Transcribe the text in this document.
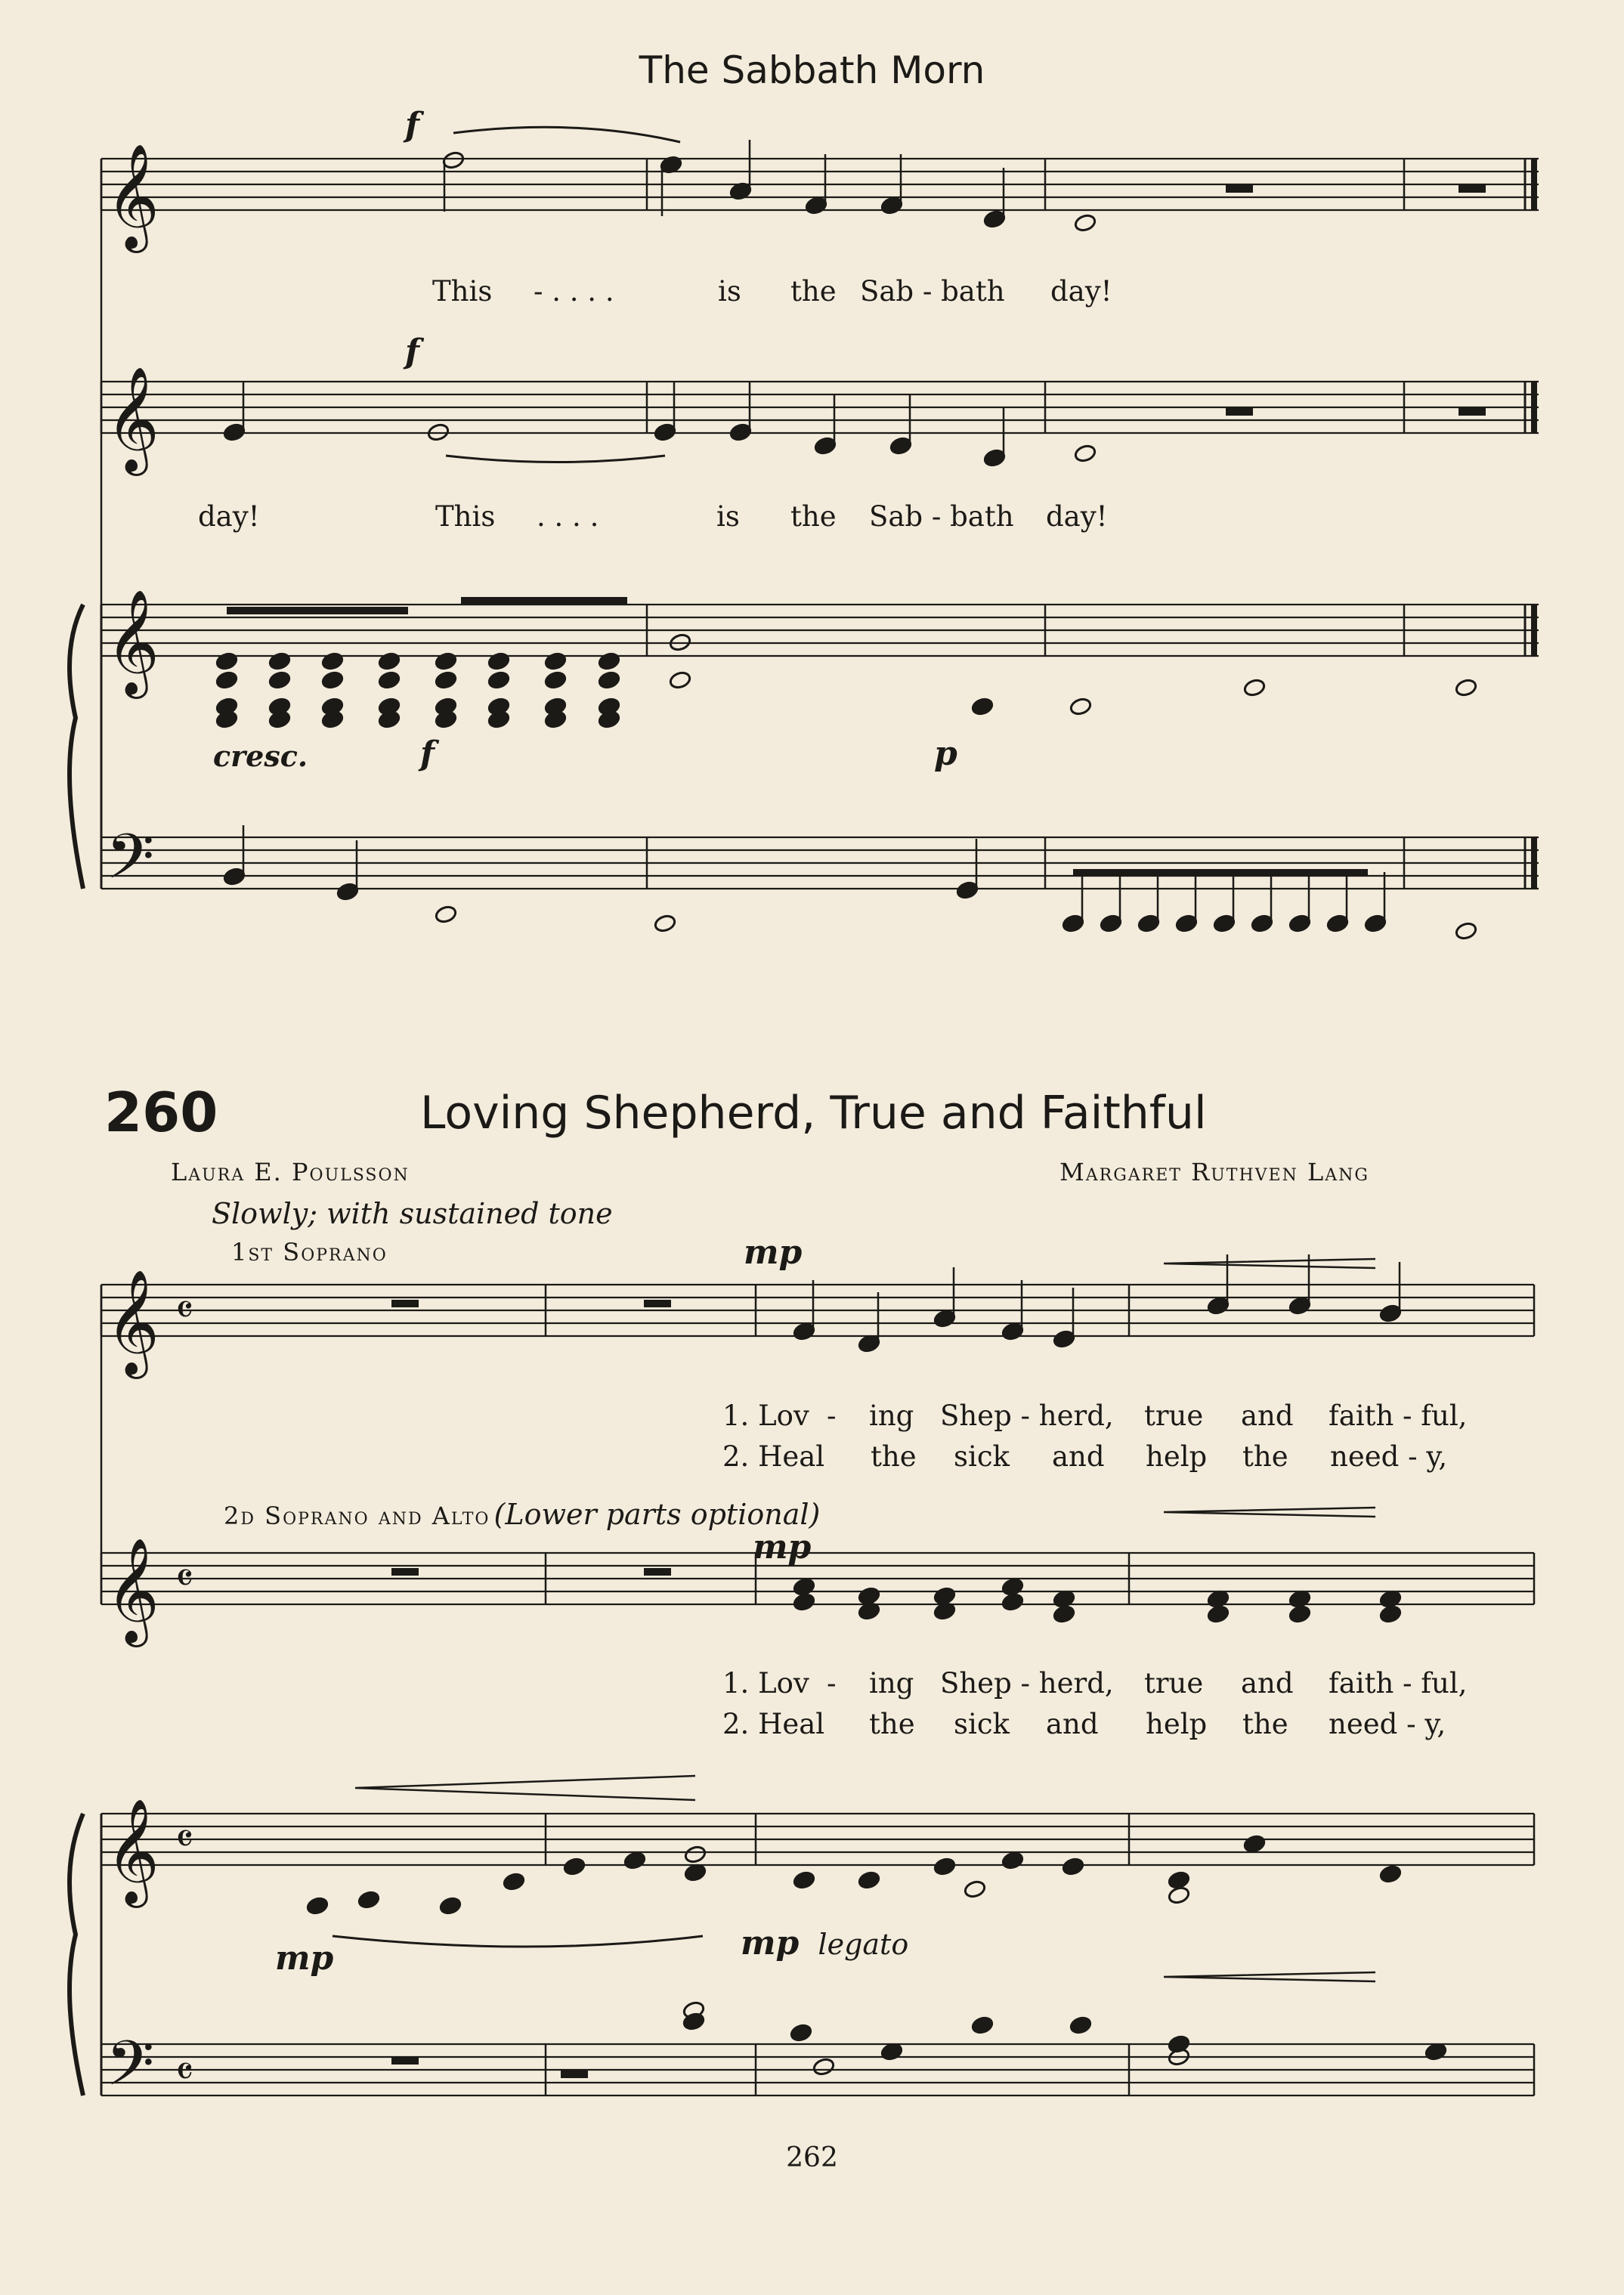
𝄞
𝄞
𝄞
𝄢
𝄞
𝄞
𝄞
𝄢
𝄴
𝄴
𝄴
𝄴
The Sabbath Morn
f
f
This - . . . .	is the Sab - bath day!
day!	This . . . .	is the Sab - bath day!
cresc.	f	p
260	Loving Shepherd, True and Faithful
Laura E. Poulsson	Margaret Ruthven Lang
Slowly; with sustained tone
1st Soprano	mp
1. Lov - ing Shep - herd, true and faith - ful,
2. Heal the sick and help the need - y,
2d Soprano and Alto (Lower parts optional)
mp
1. Lov - ing Shep - herd, true and faith - ful,
2. Heal the sick and help the need - y,
mp	mp legato
262
